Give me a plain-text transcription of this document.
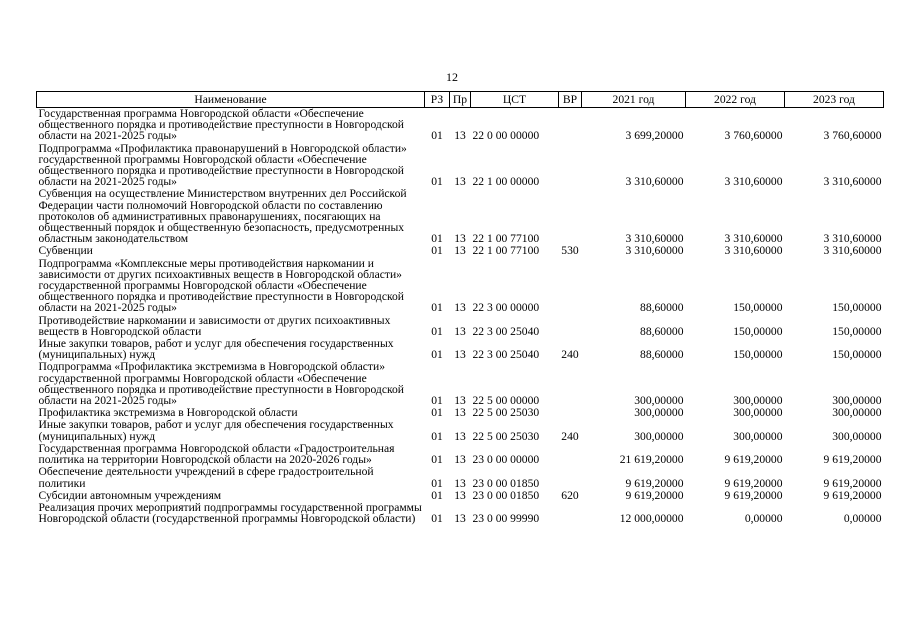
12
Наименование	РЗ	Пр	ЦСТ	ВР	2021 год	2022 год	2023 год
Государственная программа Новгородской области «Обеспечение общественного порядка и противодействие преступности в Новгородской области на 2021-2025 годы»	01	13	22 0 00 00000		3 699,20000	3 760,60000	3 760,60000
Подпрограмма «Профилактика правонарушений в Новгородской области» государственной программы Новгородской области «Обеспечение общественного порядка и противодействие преступности в Новгородской области на 2021-2025 годы»	01	13	22 1 00 00000		3 310,60000	3 310,60000	3 310,60000
Субвенция на осуществление Министерством внутренних дел Российской Федерации части полномочий Новгородской области по составлению протоколов об административных правонарушениях, посягающих на общественный порядок и общественную безопасность, предусмотренных областным законодательством	01	13	22 1 00 77100		3 310,60000	3 310,60000	3 310,60000
Субвенции	01	13	22 1 00 77100	530	3 310,60000	3 310,60000	3 310,60000
Подпрограмма «Комплексные меры противодействия наркомании и зависимости от других психоактивных веществ в Новгородской области» государственной программы Новгородской области «Обеспечение общественного порядка и противодействие преступности в Новгородской области на 2021-2025 годы»	01	13	22 3 00 00000		88,60000	150,00000	150,00000
Противодействие наркомании и зависимости от других психоактивных веществ в Новгородской области	01	13	22 3 00 25040		88,60000	150,00000	150,00000
Иные закупки товаров, работ и услуг для обеспечения государственных (муниципальных) нужд	01	13	22 3 00 25040	240	88,60000	150,00000	150,00000
Подпрограмма «Профилактика экстремизма в Новгородской области» государственной программы Новгородской области «Обеспечение общественного порядка и противодействие преступности в Новгородской области на 2021-2025 годы»	01	13	22 5 00 00000		300,00000	300,00000	300,00000
Профилактика экстремизма в Новгородской области	01	13	22 5 00 25030		300,00000	300,00000	300,00000
Иные закупки товаров, работ и услуг для обеспечения государственных (муниципальных) нужд	01	13	22 5 00 25030	240	300,00000	300,00000	300,00000
Государственная программа Новгородской области «Градостроительная политика на территории Новгородской области на 2020-2026 годы»	01	13	23 0 00 00000		21 619,20000	9 619,20000	9 619,20000
Обеспечение деятельности учреждений в сфере градостроительной политики	01	13	23 0 00 01850		9 619,20000	9 619,20000	9 619,20000
Субсидии автономным учреждениям	01	13	23 0 00 01850	620	9 619,20000	9 619,20000	9 619,20000
Реализация прочих мероприятий подпрограммы государственной программы Новгородской области (государственной программы Новгородской области)	01	13	23 0 00 99990		12 000,00000	0,00000	0,00000
